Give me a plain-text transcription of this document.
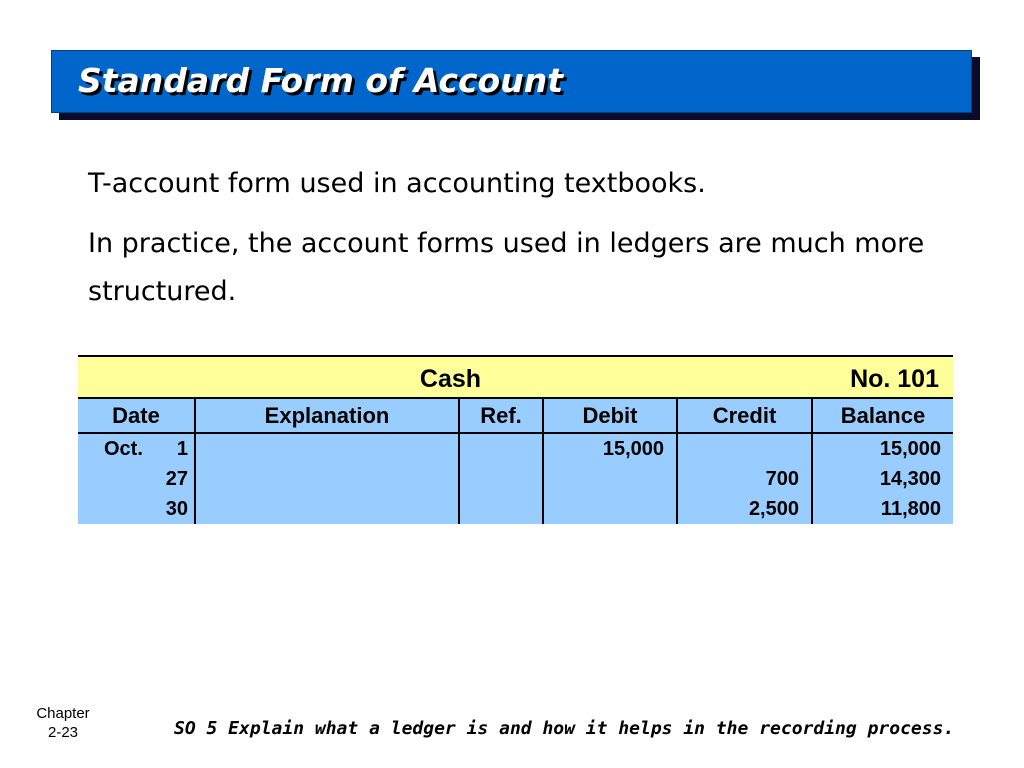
Standard Form of Account
T-account form used in accounting textbooks.
In practice, the account forms used in ledgers are much more structured.
Cash	No. 101
Date	Explanation	Ref.	Debit	Credit	Balance

Oct. 1			15,000		15,000

27				700	14,300

30				2,500	11,800
Chapter
2-23	SO 5 Explain what a ledger is and how it helps in the recording process.
